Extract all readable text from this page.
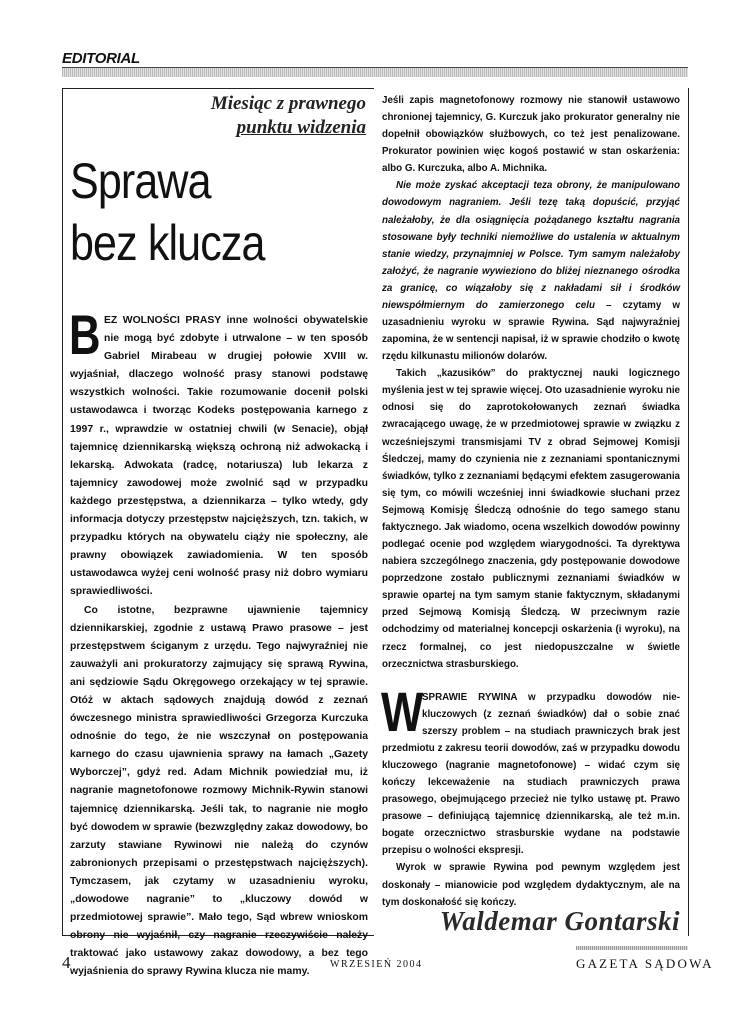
EDITORIAL
Miesiąc z prawnego
punktu widzenia
Sprawa
bez klucza

BEZ WOLNOŚCI PRASY inne wolności obywatelskie nie mogą być zdobyte i utrwalone – w ten sposób Gabriel Mirabeau w drugiej połowie XVIII w. wyjaśniał, dlaczego wolność prasy stanowi podstawę wszystkich wolności. Takie rozumowanie docenił polski ustawodawca i tworząc Kodeks postępowania karnego z 1997 r., wprawdzie w ostatniej chwili (w Senacie), objął tajemnicę dziennikarską większą ochroną niż adwokacką i lekarską. Adwokata (radcę, notariusza) lub lekarza z tajemnicy zawodowej może zwolnić sąd w przypadku każdego przestępstwa, a dziennikarza – tylko wtedy, gdy informacja dotyczy przestępstw najcięższych, tzn. takich, w przypadku których na obywatelu ciąży nie społeczny, ale prawny obowiązek zawiadomienia. W ten sposób ustawodawca wyżej ceni wolność prasy niż dobro wymiaru sprawiedliwości.

Co istotne, bezprawne ujawnienie tajemnicy dziennikarskiej, zgodnie z ustawą Prawo prasowe – jest przestępstwem ściganym z urzędu. Tego najwyraźniej nie zauważyli ani prokuratorzy zajmujący się sprawą Rywina, ani sędziowie Sądu Okręgowego orzekający w tej sprawie. Otóż w aktach sądowych znajdują dowód z zeznań ówczesnego ministra sprawiedliwości Grzegorza Kurczuka odnośnie do tego, że nie wszczynał on postępowania karnego do czasu ujawnienia sprawy na łamach „Gazety Wyborczej”, gdyż red. Adam Michnik powiedział mu, iż nagranie magnetofonowe rozmowy Michnik-Rywin stanowi tajemnicę dziennikarską. Jeśli tak, to nagranie nie mogło być dowodem w sprawie (bezwzględny zakaz dowodowy, bo zarzuty stawiane Rywinowi nie należą do czynów zabronionych przepisami o przestępstwach najcięższych). Tymczasem, jak czytamy w uzasadnieniu wyroku, „dowodowe nagranie” to „kluczowy dowód w przedmiotowej sprawie”. Mało tego, Sąd wbrew wnioskom obrony nie wyjaśnił, czy nagranie rzeczywiście należy traktować jako ustawowy zakaz dowodowy, a bez tego wyjaśnienia do sprawy Rywina klucza nie mamy.

Jeśli zapis magnetofonowy rozmowy nie stanowił ustawowo chronionej tajemnicy, G. Kurczuk jako prokurator generalny nie dopełnił obowiązków służbowych, co też jest penalizowane. Prokurator powinien więc kogoś postawić w stan oskarżenia: albo G. Kurczuka, albo A. Michnika.

Nie może zyskać akceptacji teza obrony, że manipulowano dowodowym nagraniem. Jeśli tezę taką dopuścić, przyjąć należałoby, że dla osiągnięcia pożądanego kształtu nagrania stosowane były techniki niemożliwe do ustalenia w aktualnym stanie wiedzy, przynajmniej w Polsce. Tym samym należałoby założyć, że nagranie wywieziono do bliżej nieznanego ośrodka za granicę, co wiązałoby się z nakładami sił i środków niewspółmiernym do zamierzonego celu – czytamy w uzasadnieniu wyroku w sprawie Rywina. Sąd najwyraźniej zapomina, że w sentencji napisał, iż w sprawie chodziło o kwotę rzędu kilkunastu milionów dolarów.

Takich „kazusików” do praktycznej nauki logicznego myślenia jest w tej sprawie więcej. Oto uzasadnienie wyroku nie odnosi się do zaprotokołowanych zeznań świadka zwracającego uwagę, że w przedmiotowej sprawie w związku z wcześniejszymi transmisjami TV z obrad Sejmowej Komisji Śledczej, mamy do czynienia nie z zeznaniami spontanicznymi świadków, tylko z zeznaniami będącymi efektem zasugerowania się tym, co mówili wcześniej inni świadkowie słuchani przez Sejmową Komisję Śledczą odnośnie do tego samego stanu faktycznego. Jak wiadomo, ocena wszelkich dowodów powinny podlegać ocenie pod względem wiarygodności. Ta dyrektywa nabiera szczególnego znaczenia, gdy postępowanie dowodowe poprzedzone zostało publicznymi zeznaniami świadków w sprawie opartej na tym samym stanie faktycznym, składanymi przed Sejmową Komisją Śledczą. W przeciwnym razie odchodzimy od materialnej koncepcji oskarżenia (i wyroku), na rzecz formalnej, co jest niedopuszczalne w świetle orzecznictwa strasburskiego.

W
SPRAWIE RYWINA w przypadku dowodów nie-kluczowych (z zeznań świadków) dał o sobie znać szerszy problem – na studiach prawniczych brak jest przedmiotu z zakresu teorii dowodów, zaś w przypadku dowodu kluczowego (nagranie magnetofonowe) – widać czym się kończy lekceważenie na studiach prawniczych prawa prasowego, obejmującego przecież nie tylko ustawę pt. Prawo prasowe – definiującą tajemnicę dziennikarską, ale też m.in. bogate orzecznictwo strasburskie wydane na podstawie przepisu o wolności ekspresji.

Wyrok w sprawie Rywina pod pewnym względem jest doskonały – mianowicie pod względem dydaktycznym, ale na tym doskonałość się kończy.

Waldemar Gontarski
4	WRZESIEŃ 2004	GAZETA SĄDOWA
